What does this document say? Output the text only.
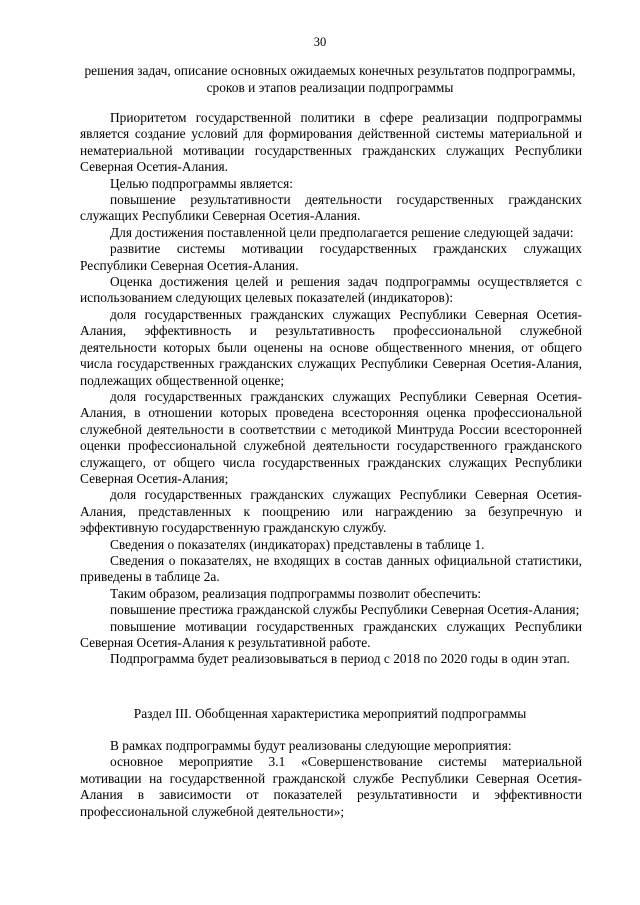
30
решения задач, описание основных ожидаемых конечных результатов подпрограммы, сроков и этапов реализации подпрограммы

Приоритетом государственной политики в сфере реализации подпрограммы является создание условий для формирования действенной системы материальной и нематериальной мотивации государственных гражданских служащих Республики Северная Осетия-Алания.

Целью подпрограммы является:

повышение результативности деятельности государственных гражданских служащих Республики Северная Осетия-Алания.

Для достижения поставленной цели предполагается решение следующей задачи:

развитие системы мотивации государственных гражданских служащих Республики Северная Осетия-Алания.

Оценка достижения целей и решения задач подпрограммы осуществляется с использованием следующих целевых показателей (индикаторов):

доля государственных гражданских служащих Республики Северная Осетия-Алания, эффективность и результативность профессиональной служебной деятельности которых были оценены на основе общественного мнения, от общего числа государственных гражданских служащих Республики Северная Осетия-Алания, подлежащих общественной оценке;

доля государственных гражданских служащих Республики Северная Осетия-Алания, в отношении которых проведена всесторонняя оценка профессиональной служебной деятельности в соответствии с методикой Минтруда России всесторонней оценки профессиональной служебной деятельности государственного гражданского служащего, от общего числа государственных гражданских служащих Республики Северная Осетия-Алания;

доля государственных гражданских служащих Республики Северная Осетия-Алания, представленных к поощрению или награждению за безупречную и эффективную государственную гражданскую службу.

Сведения о показателях (индикаторах) представлены в таблице 1.

Сведения о показателях, не входящих в состав данных официальной статистики, приведены в таблице 2а.

Таким образом, реализация подпрограммы позволит обеспечить:

повышение престижа гражданской службы Республики Северная Осетия-Алания;

повышение мотивации государственных гражданских служащих Республики Северная Осетия-Алания к результативной работе.

Подпрограмма будет реализовываться в период с 2018 по 2020 годы в один этап.

Раздел III. Обобщенная характеристика мероприятий подпрограммы

В рамках подпрограммы будут реализованы следующие мероприятия:

основное мероприятие 3.1 «Совершенствование системы материальной мотивации на государственной гражданской службе Республики Северная Осетия-Алания в зависимости от показателей результативности и эффективности профессиональной служебной деятельности»;
